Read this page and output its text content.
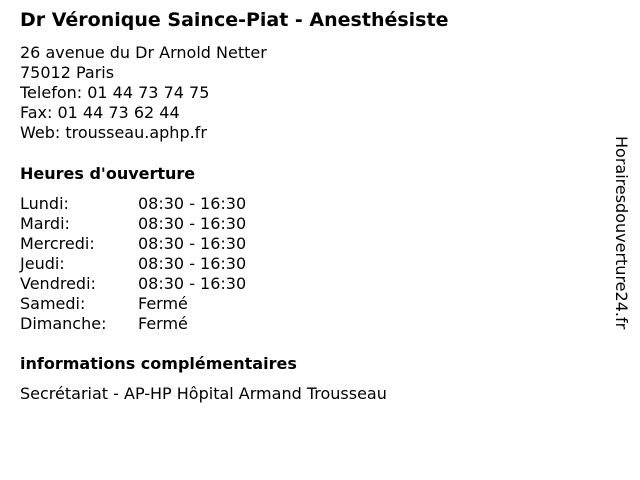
Dr Véronique Saince-Piat - Anesthésiste
26 avenue du Dr Arnold Netter
75012 Paris
Telefon: 01 44 73 74 75
Fax: 01 44 73 62 44
Web: trousseau.aphp.fr
Heures d'ouverture
Lundi:	08:30 - 16:30
Mardi:	08:30 - 16:30
Mercredi:	08:30 - 16:30
Jeudi:	08:30 - 16:30
Vendredi:	08:30 - 16:30
Samedi:	Fermé
Dimanche:	Fermé
informations complémentaires
Secrétariat - AP-HP Hôpital Armand Trousseau
Horairesdouverture24.fr
